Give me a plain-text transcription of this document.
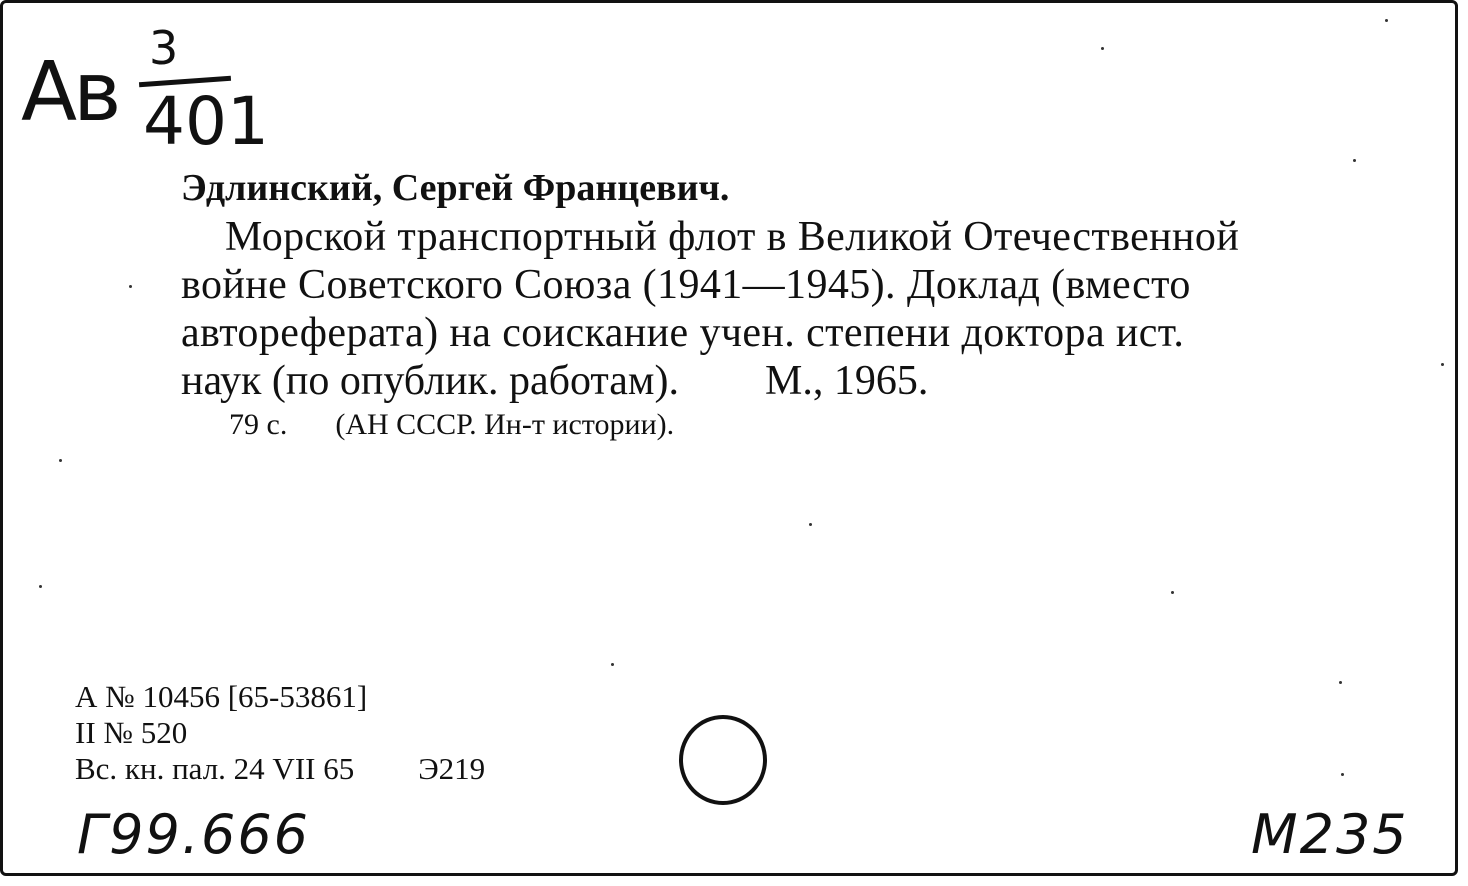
Ав 3
401
Эдлинский, Сергей Францевич.
Морской транспортный флот в Великой Отечественной
войне Советского Союза (1941—1945). Доклад (вместо
автореферата) на соискание учен. степени доктора ист.
наук (по опублик. работам). М., 1965.
79 с. (АН СССР. Ин-т истории).
А № 10456 [65-53861]
II № 520
Вс. кн. пал. 24 VII 65 Э219
Г99.666	М235
